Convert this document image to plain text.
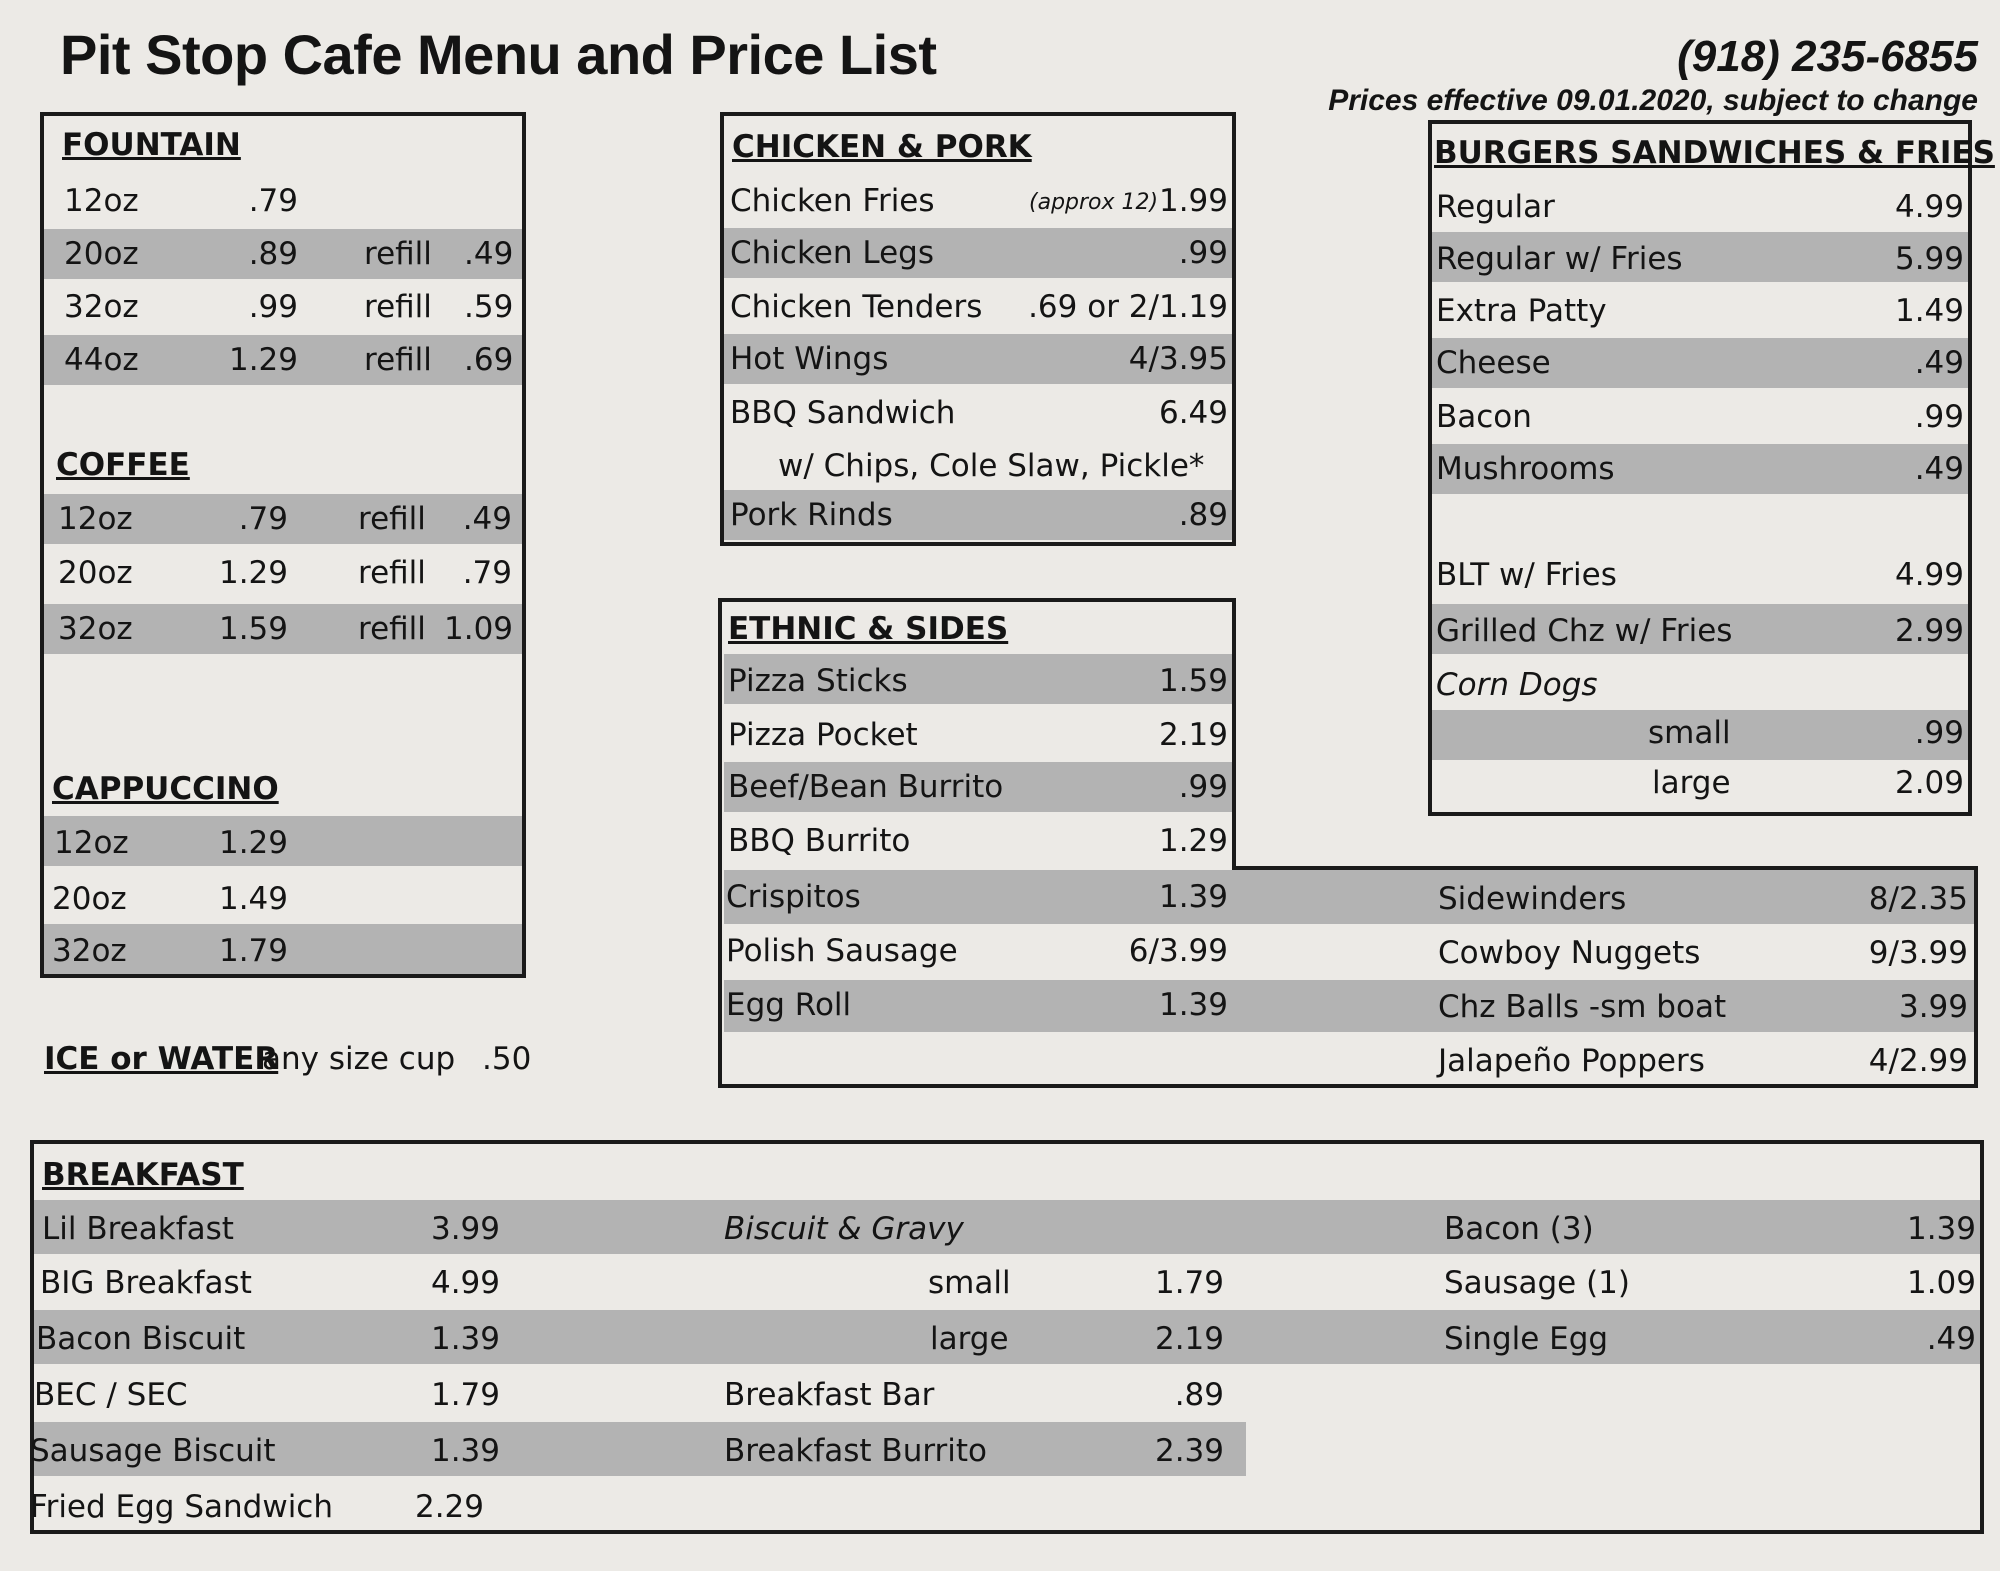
Pit Stop Cafe Menu and Price List	(918) 235-6855
Prices effective 09.01.2020, subject to change
FOUNTAIN
12oz	.79
20oz	.89 refill .49
32oz	.99 refill .59
44oz	1.29 refill .69
COFFEE
12oz	.79 refill	.49
20oz	1.29 refill	.79
32oz	1.59 refill 1.09
CAPPUCCINO
12oz	1.29
20oz	1.49
32oz	1.79
ICE or WATER
any size cup .50
CHICKEN & PORK
Chicken Fries	(approx 12) 1.99
Chicken Legs	.99
Chicken Tenders .69 or 2/1.19
Hot Wings	4/3.95
BBQ Sandwich	6.49
w/ Chips, Cole Slaw, Pickle*
Pork Rinds	.89
BURGERS SANDWICHES & FRIES
Regular	4.99
Regular w/ Fries	5.99
Extra Patty	1.49
Cheese	.49
Bacon	.99
Mushrooms	.49
BLT w/ Fries	4.99
Grilled Chz w/ Fries	2.99
Corn Dogs
small	.99
large	2.09
ETHNIC & SIDES
Pizza Sticks	1.59
Pizza Pocket	2.19
Beef/Bean Burrito	.99
BBQ Burrito	1.29
Crispitos	1.39
Polish Sausage	6/3.99
Egg Roll	1.39
Sidewinders	8/2.35
Cowboy Nuggets	9/3.99
Chz Balls -sm boat	3.99
Jalapeño Poppers	4/2.99
BREAKFAST
Lil Breakfast	3.99
BIG Breakfast	4.99
Bacon Biscuit	1.39
BEC / SEC	1.79
Sausage Biscuit	1.39
Fried Egg Sandwich	2.29
Biscuit & Gravy
small	1.79
large	2.19
Breakfast Bar	.89
Breakfast Burrito	2.39
Bacon (3)	1.39
Sausage (1)	1.09
Single Egg	.49
